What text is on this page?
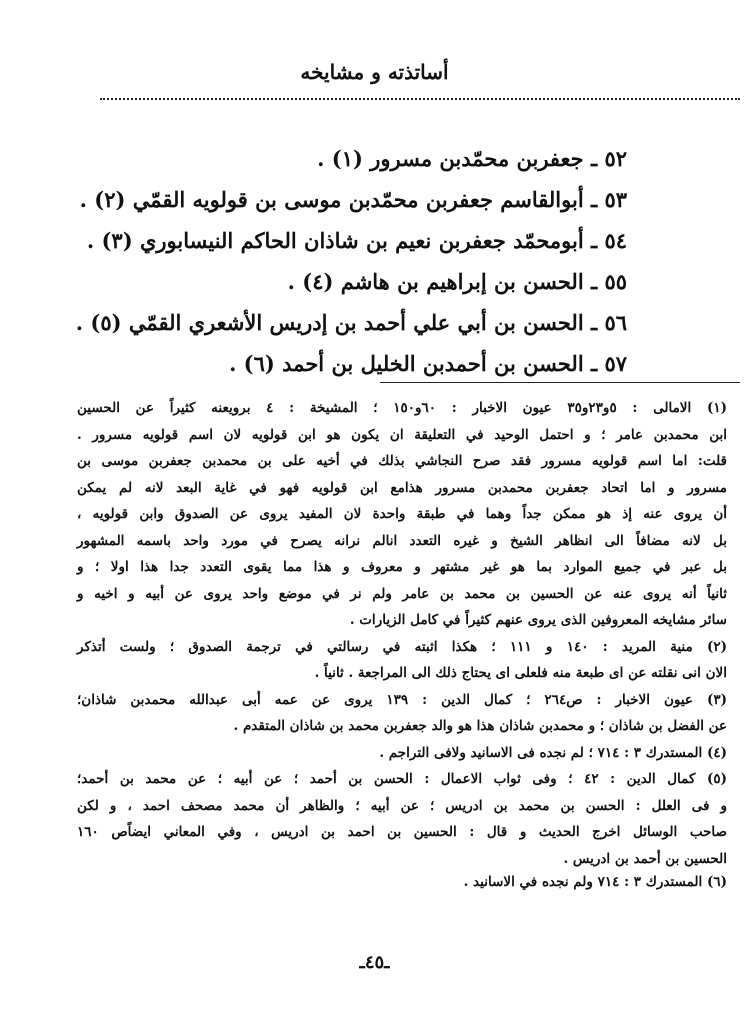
أساتذته و مشايخه
٥٢ ـ جعفربن محمّدبن مسرور (١) .
٥٣ ـ أبوالقاسم جعفربن محمّدبن موسى بن قولويه القمّي (٢) .
٥٤ ـ أبومحمّد جعفربن نعيم بن شاذان الحاكم النيسابوري (٣) .
٥٥ ـ الحسن بن إبراهيم بن هاشم (٤) .
٥٦ ـ الحسن بن أبي علي أحمد بن إدريس الأشعري القمّي (٥) .
٥٧ ـ الحسن بن أحمدبن الخليل بن أحمد (٦) .

(١) الامالى : ٥و٢٣و٣٥ عيون الاخبار : ٦٠و١٥٠ ؛ المشيخة : ٤ برويعنه كثيراً عن الحسين

ابن محمدبن عامر ؛ و احتمل الوحيد في التعليقة ان يكون هو ابن قولويه لان اسم قولويه مسرور .

قلت: اما اسم قولويه مسرور فقد صرح النجاشي بذلك في أخيه على بن محمدبن جعفربن موسى بن

مسرور و اما اتحاد جعفربن محمدبن مسرور هذامع ابن قولويه فهو في غاية البعد لانه لم يمكن

أن يروى عنه إذ هو ممكن جداً وهما في طبقة واحدة لان المفيد يروى عن الصدوق وابن قولويه ،

بل لانه مضافاً الى انظاهر الشيخ و غيره التعدد انالم نرانه يصرح في مورد واحد باسمه المشهور

بل عبر في جميع الموارد بما هو غير مشتهر و معروف و هذا مما يقوى التعدد جدا هذا اولا ؛ و

ثانياً أنه يروى عنه عن الحسين بن محمد بن عامر ولم نر في موضع واحد يروى عن أبيه و اخيه و

سائر مشايخه المعروفين الذى يروى عنهم كثيراً في كامل الزيارات .

(٢) منية المريد : ١٤٠ و ١١١ ؛ هكذا اثبته في رسالتي في ترجمة الصدوق ؛ ولست أتذكر

الان انى نقلته عن اى طبعة منه فلعلى اى يحتاج ذلك الى المراجعة . ثانياً .

(٣) عيون الاخبار : ص٢٦٤ ؛ كمال الدين : ١٣٩ يروى عن عمه أبى عبدالله محمدبن شاذان؛

عن الفضل بن شاذان ؛ و محمدبن شاذان هذا هو والد جعفربن محمد بن شاذان المتقدم .

(٤) المستدرك ٣ : ٧١٤ ؛ لم نجده فى الاسانيد ولافى التراجم .

(٥) كمال الدين : ٤٢ ؛ وفى ثواب الاعمال : الحسن بن أحمد ؛ عن أبيه ؛ عن محمد بن أحمد؛

و فى العلل : الحسن بن محمد بن ادريس ؛ عن أبيه ؛ والظاهر أن محمد مصحف احمد ، و لكن

صاحب الوسائل اخرج الحديث و قال : الحسين بن احمد بن ادريس ، وفي المعاني ايضاًص ١٦٠

الحسين بن أحمد بن ادريس .

(٦) المستدرك ٣ : ٧١٤ ولم نجده في الاسانيد .

ـ٤٥ـ
